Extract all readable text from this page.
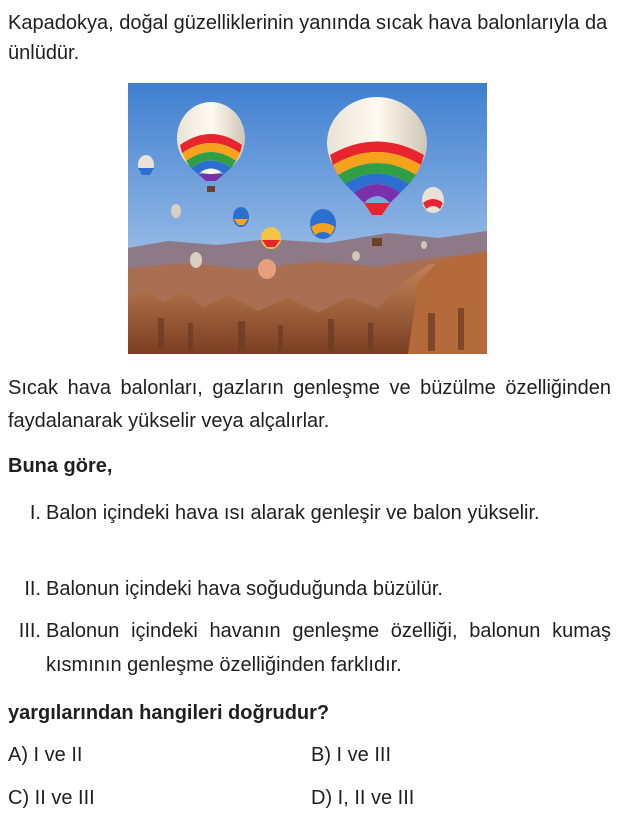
Kapadokya, doğal güzelliklerinin yanında sıcak hava balonlarıyla da ünlüdür.
Sıcak hava balonları, gazların genleşme ve büzülme özelliğinden faydalanarak yükselir veya alçalırlar.
Buna göre,
I. Balon içindeki hava ısı alarak genleşir ve balon yükselir.
II. Balonun içindeki hava soğuduğunda büzülür.
III. Balonun içindeki havanın genleşme özelliği, balonun kumaş kısmının genleşme özelliğinden farklıdır.
yargılarından hangileri doğrudur?
A) I ve II	B) I ve III
C) II ve III	D) I, II ve III
